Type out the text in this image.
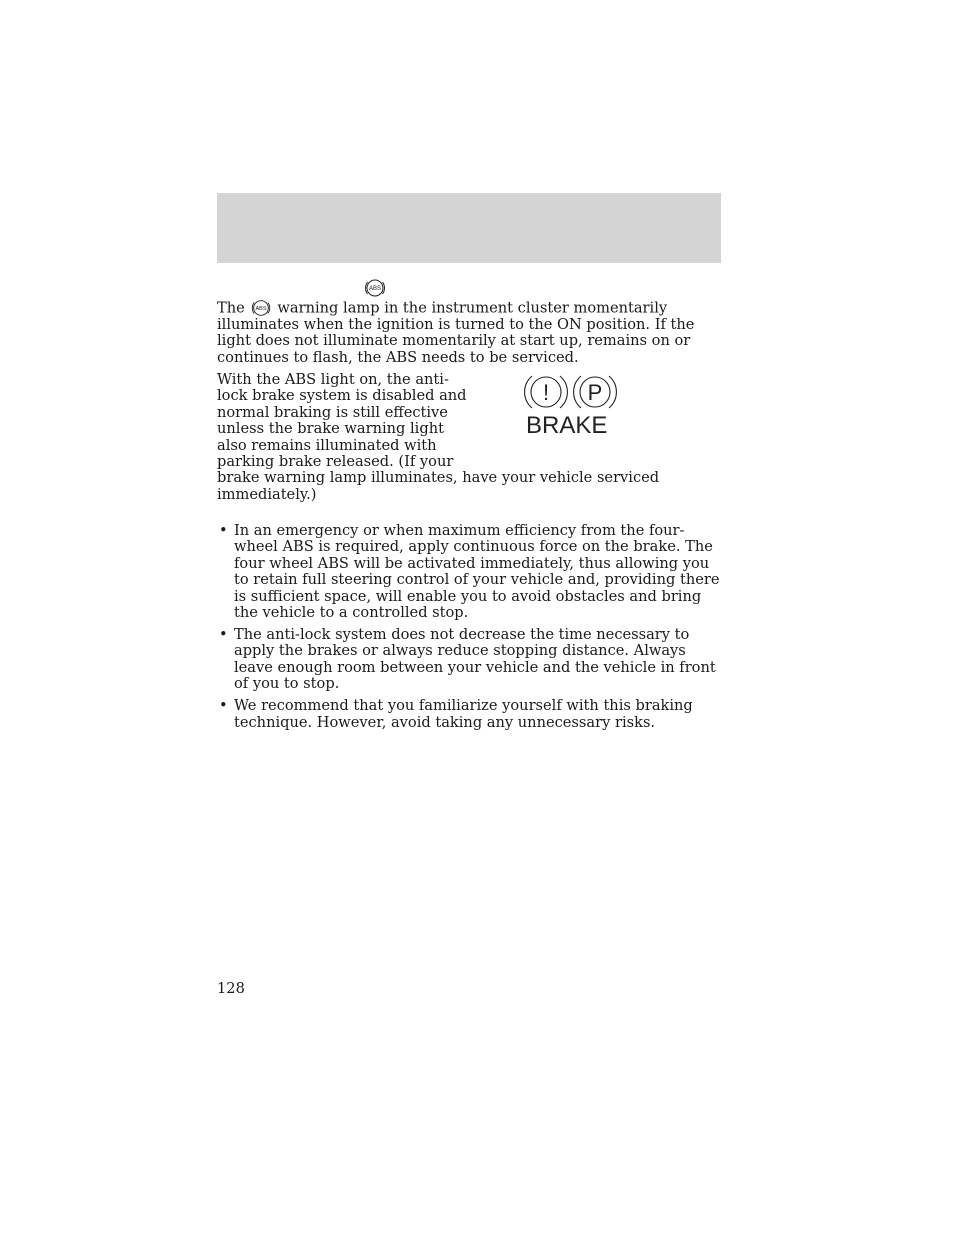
ABS

The ABS warning lamp in the instrument cluster momentarily illuminates when the ignition is turned to the ON position. If the light does not illuminate momentarily at start up, remains on or continues to flash, the ABS needs to be serviced.

! P
BRAKE
With the ABS light on, the anti-lock brake system is disabled and normal braking is still effective unless the brake warning light also remains illuminated with parking brake released. (If your brake warning lamp illuminates, have your vehicle serviced immediately.)

• In an emergency or when maximum efficiency from the four-wheel ABS is required, apply continuous force on the brake. The four wheel ABS will be activated immediately, thus allowing you to retain full steering control of your vehicle and, providing there is sufficient space, will enable you to avoid obstacles and bring the vehicle to a controlled stop.
• The anti-lock system does not decrease the time necessary to apply the brakes or always reduce stopping distance. Always leave enough room between your vehicle and the vehicle in front of you to stop.
• We recommend that you familiarize yourself with this braking technique. However, avoid taking any unnecessary risks.
128
